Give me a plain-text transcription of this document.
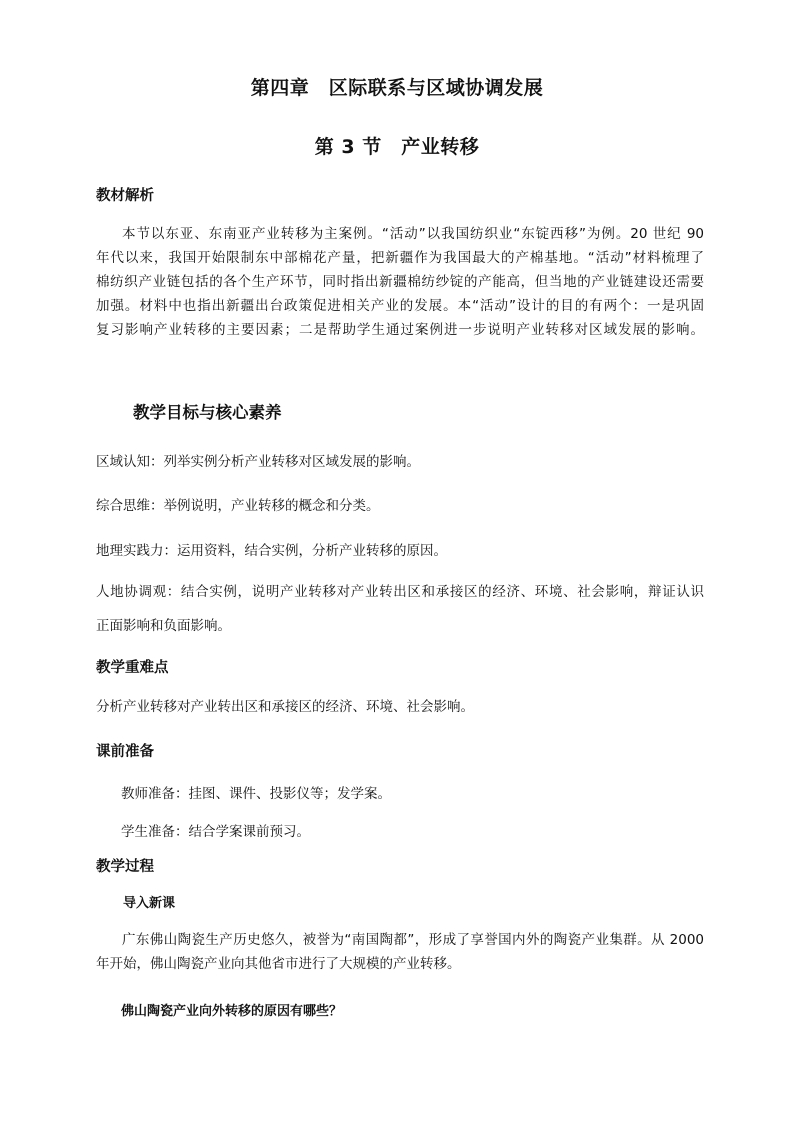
第四章　区际联系与区域协调发展
第 3 节　产业转移
教材解析
本节以东亚、东南亚产业转移为主案例。“活动”以我国纺织业“东锭西移”为例。20 世纪 90
年代以来，我国开始限制东中部棉花产量，把新疆作为我国最大的产棉基地。“活动”材料梳理了
棉纺织产业链包括的各个生产环节，同时指出新疆棉纺纱锭的产能高，但当地的产业链建设还需要
加强。材料中也指出新疆出台政策促进相关产业的发展。本“活动”设计的目的有两个：一是巩固
复习影响产业转移的主要因素；二是帮助学生通过案例进一步说明产业转移对区域发展的影响。
教学目标与核心素养
区域认知：列举实例分析产业转移对区域发展的影响。
综合思维：举例说明，产业转移的概念和分类。
地理实践力：运用资料，结合实例，分析产业转移的原因。
人地协调观：结合实例，说明产业转移对产业转出区和承接区的经济、环境、社会影响，辩证认识
正面影响和负面影响。
教学重难点
分析产业转移对产业转出区和承接区的经济、环境、社会影响。
课前准备
教师准备：挂图、课件、投影仪等；发学案。
学生准备：结合学案课前预习。
教学过程
导入新课
广东佛山陶瓷生产历史悠久，被誉为“南国陶都”，形成了享誉国内外的陶瓷产业集群。从 2000
年开始，佛山陶瓷产业向其他省市进行了大规模的产业转移。
佛山陶瓷产业向外转移的原因有哪些？
